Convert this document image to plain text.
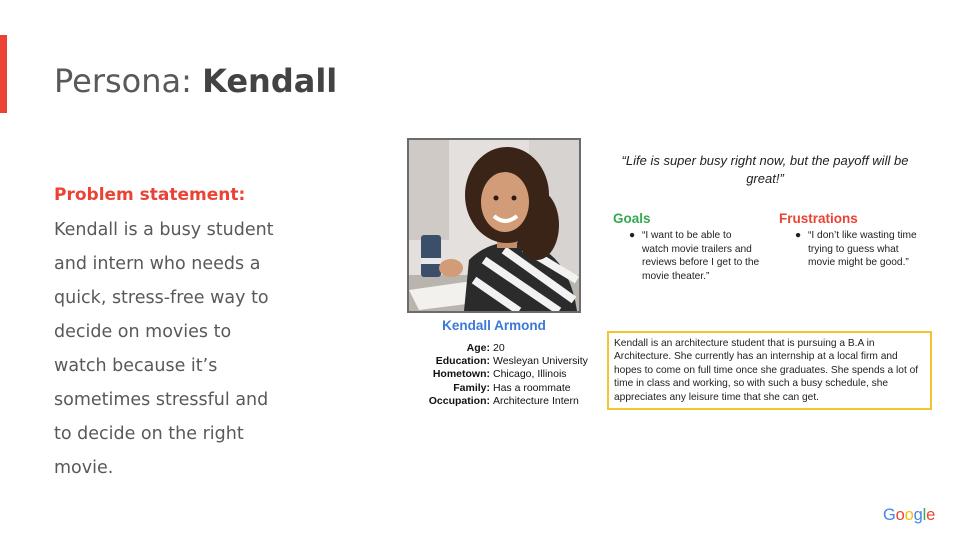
Persona: Kendall
Problem statement:
Kendall is a busy student and intern who needs a quick, stress-free way to decide on movies to watch because it’s sometimes stressful and to decide on the right movie.
Kendall Armond
Age: 20
Education: Wesleyan University
Hometown: Chicago, Illinois
Family: Has a roommate
Occupation: Architecture Intern
“Life is super busy right now, but the payoff will be great!”
Goals
● “I want to be able to watch movie trailers and reviews before I get to the movie theater.”
Frustrations
● “I don’t like wasting time trying to guess what movie might be good.”
Kendall is an architecture student that is pursuing a B.A in Architecture. She currently has an internship at a local firm and hopes to come on full time once she graduates. She spends a lot of time in class and working, so with such a busy schedule, she appreciates any leisure time that she can get.
Google
